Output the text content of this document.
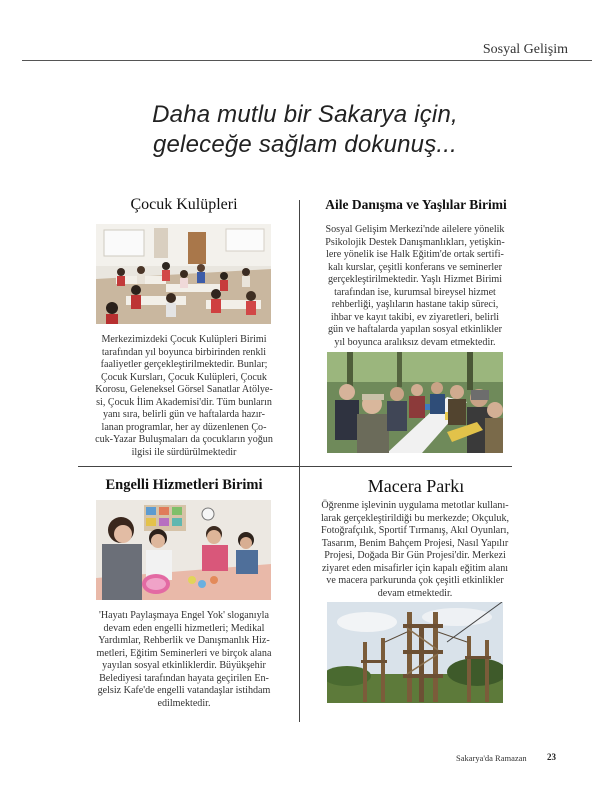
Sosyal Gelişim
Daha mutlu bir Sakarya için,
geleceğe sağlam dokunuş...
Çocuk Kulüpleri
Merkezimizdeki Çocuk Kulüpleri Birimi
tarafından yıl boyunca birbirinden renkli
faaliyetler gerçekleştirilmektedir. Bunlar;
Çocuk Kursları, Çocuk Kulüpleri, Çocuk
Korosu, Geleneksel Görsel Sanatlar Atölye-
si, Çocuk İlim Akademisi'dir. Tüm bunların
yanı sıra, belirli gün ve haftalarda hazır-
lanan programlar, her ay düzenlenen Ço-
cuk-Yazar Buluşmaları da çocukların yoğun
ilgisi ile sürdürülmektedir
Aile Danışma ve Yaşlılar Birimi
Sosyal Gelişim Merkezi'nde ailelere yönelik
Psikolojik Destek Danışmanlıkları, yetişkin-
lere yönelik ise Halk Eğitim'de ortak sertifi-
kalı kurslar, çeşitli konferans ve seminerler
gerçekleştirilmektedir. Yaşlı Hizmet Birimi
tarafından ise, kurumsal bireysel hizmet
rehberliği, yaşlıların hastane takip süreci,
ihbar ve kayıt takibi, ev ziyaretleri, belirli
gün ve haftalarda yapılan sosyal etkinlikler
yıl boyunca aralıksız devam etmektedir.
Engelli Hizmetleri Birimi
'Hayatı Paylaşmaya Engel Yok' sloganıyla
devam eden engelli hizmetleri; Medikal
Yardımlar, Rehberlik ve Danışmanlık Hiz-
metleri, Eğitim Seminerleri ve birçok alana
yayılan sosyal etkinliklerdir. Büyükşehir
Belediyesi tarafından hayata geçirilen En-
gelsiz Kafe'de engelli vatandaşlar istihdam
edilmektedir.
Macera Parkı
Öğrenme işlevinin uygulama metotlar kullanı-
larak gerçekleştirildiği bu merkezde; Okçuluk,
Fotoğrafçılık, Sportif Tırmanış, Akıl Oyunları,
Tasarım, Benim Bahçem Projesi, Nasıl Yapılır
Projesi, Doğada Bir Gün Projesi'dir. Merkezi
ziyaret eden misafirler için kapalı eğitim alanı
ve macera parkurunda çok çeşitli etkinlikler
devam etmektedir.
Sakarya'da Ramazan 23
